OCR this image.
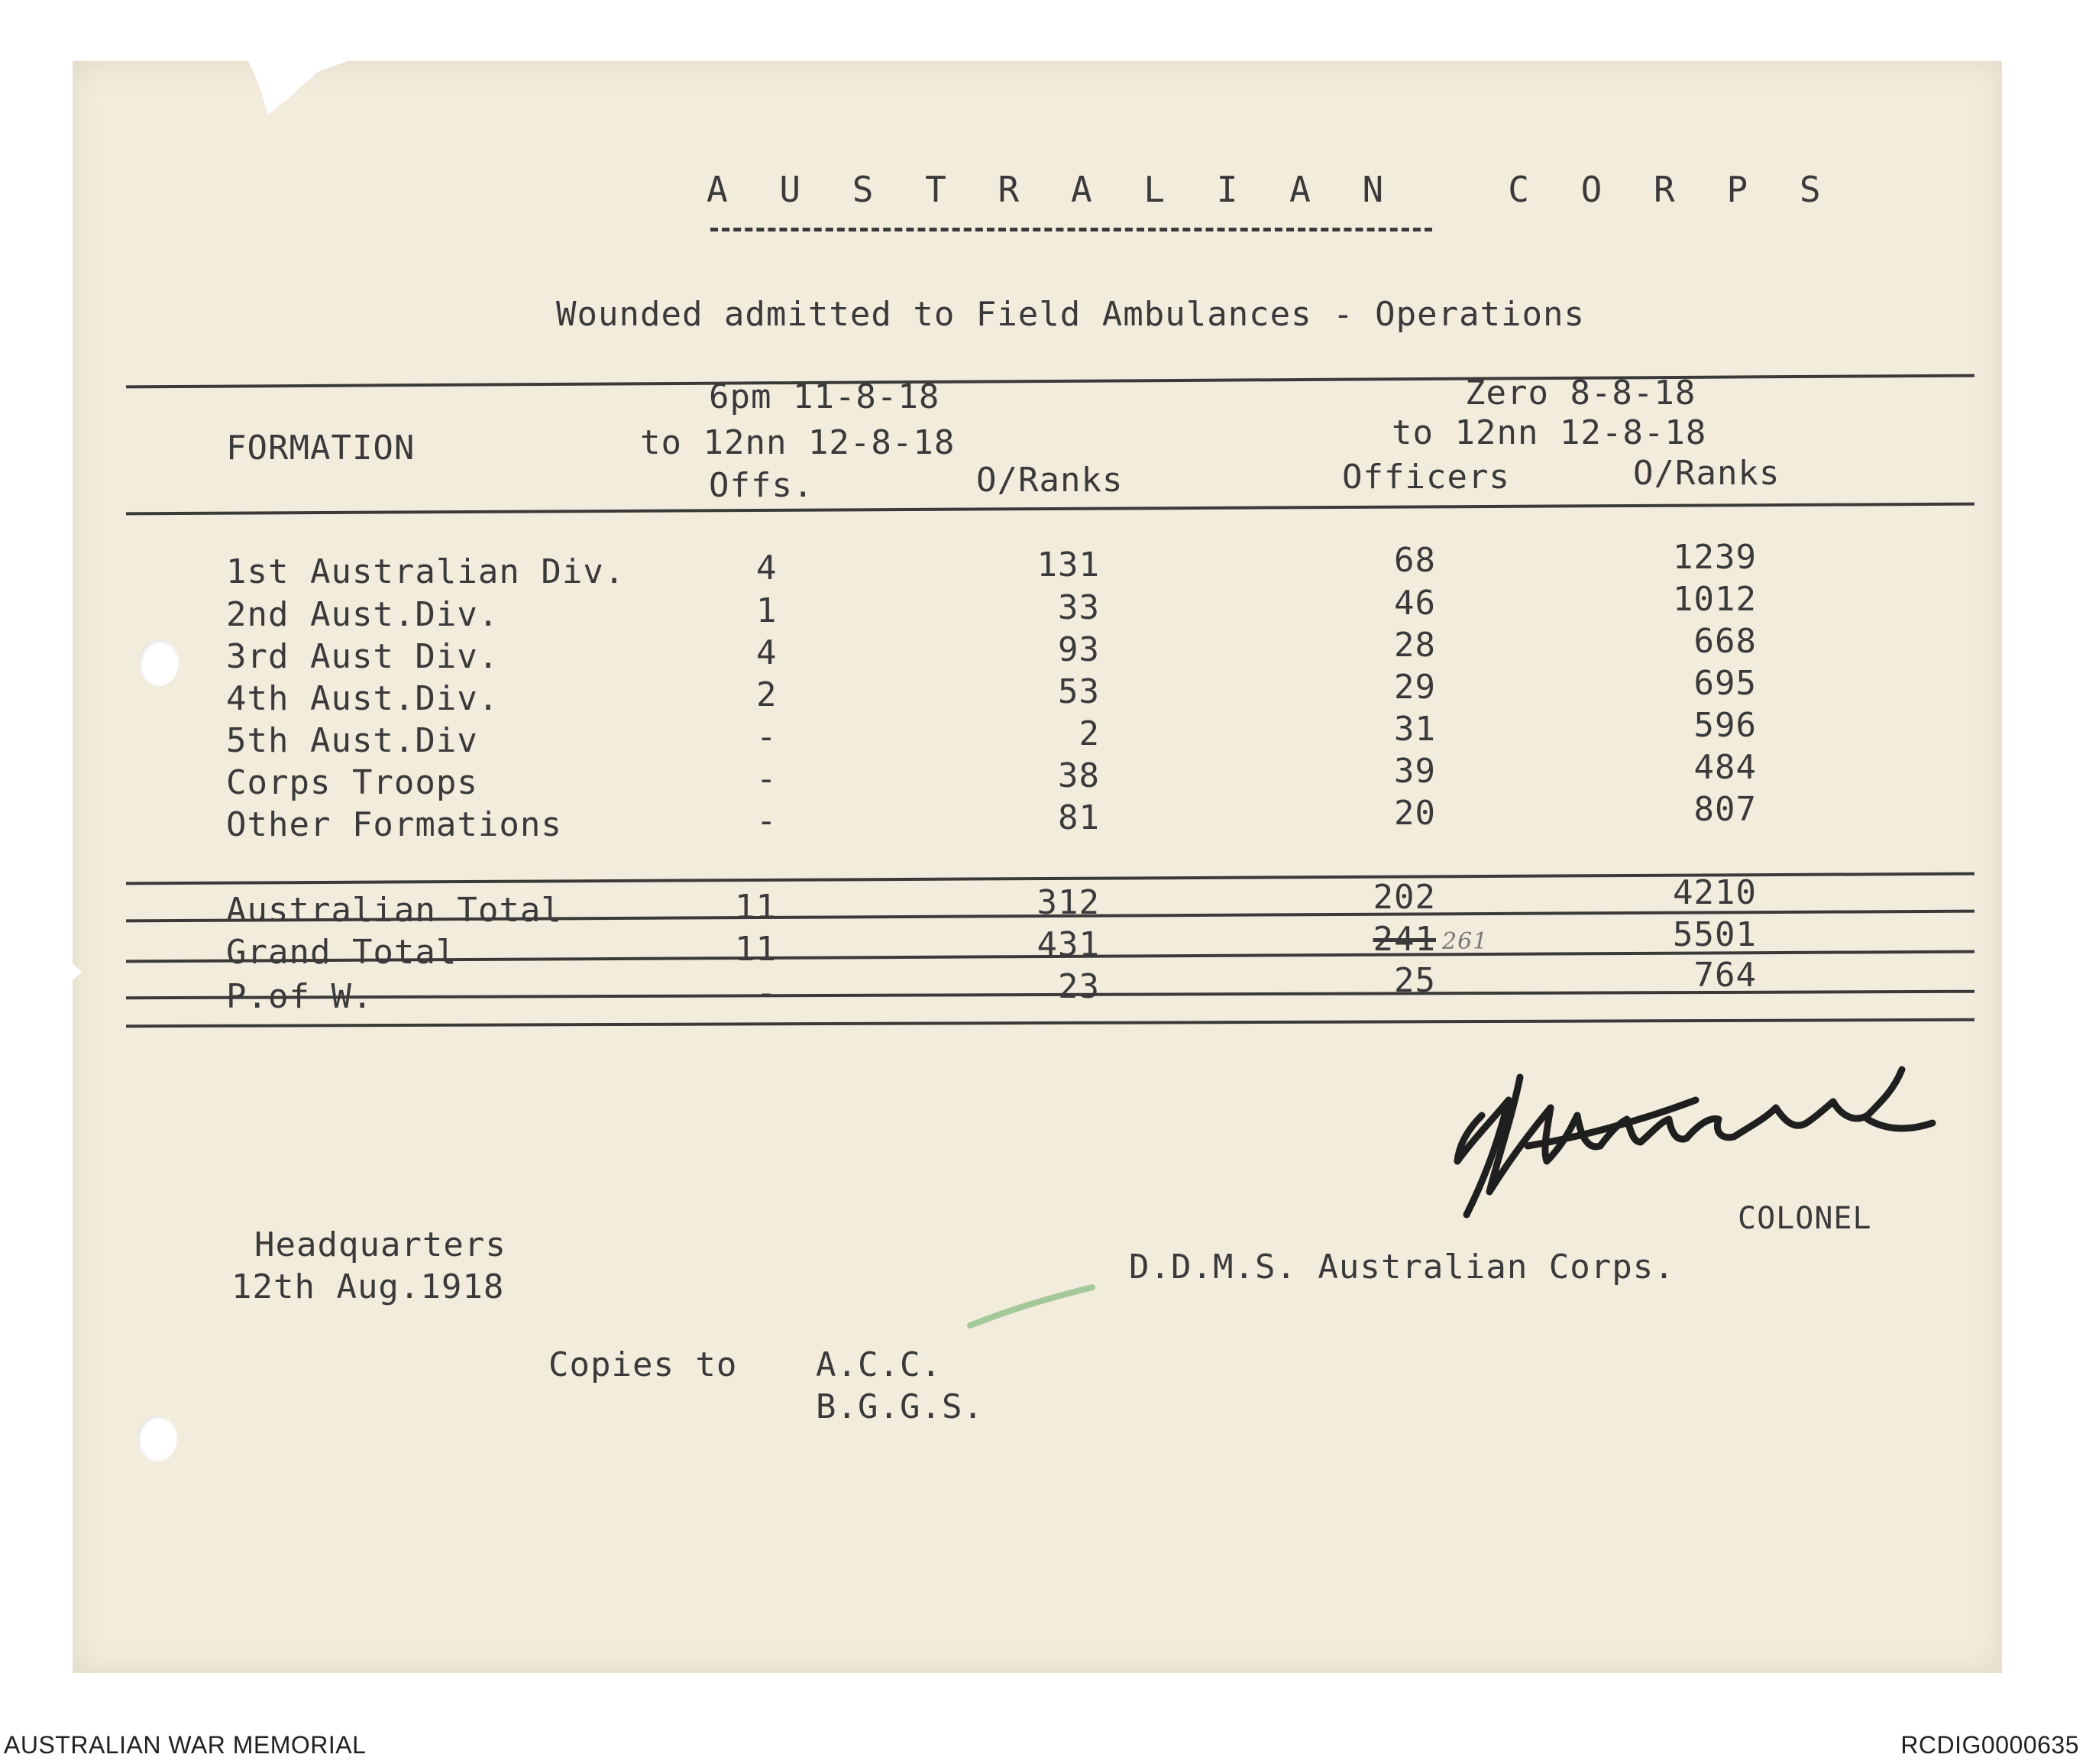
A U S T R A L I A N   C O R P S
Wounded admitted to Field Ambulances - Operations
FORMATION
6pm 11-8-18
to 12nn 12-8-18
Offs.	O/Ranks
Zero 8-8-18
to 12nn 12-8-18
Officers	O/Ranks
1st Australian Div.	4	131	68	1239
2nd Aust.Div.	1	33	46	1012
3rd Aust Div.	4	93	28	668
4th Aust.Div.	2	53	29	695
5th Aust.Div	-	2	31	596
Corps Troops	-	38	39	484
Other Formations	-	81	20	807
Australian Total	11	312	202	4210
Grand Total	11	431	241 261	5501
P.of W.	-	23	25	764
COLONEL
D.D.M.S. Australian Corps.
Headquarters
12th Aug.1918
Copies to A.C.C.
B.G.G.S.
AUSTRALIAN WAR MEMORIAL	RCDIG0000635
